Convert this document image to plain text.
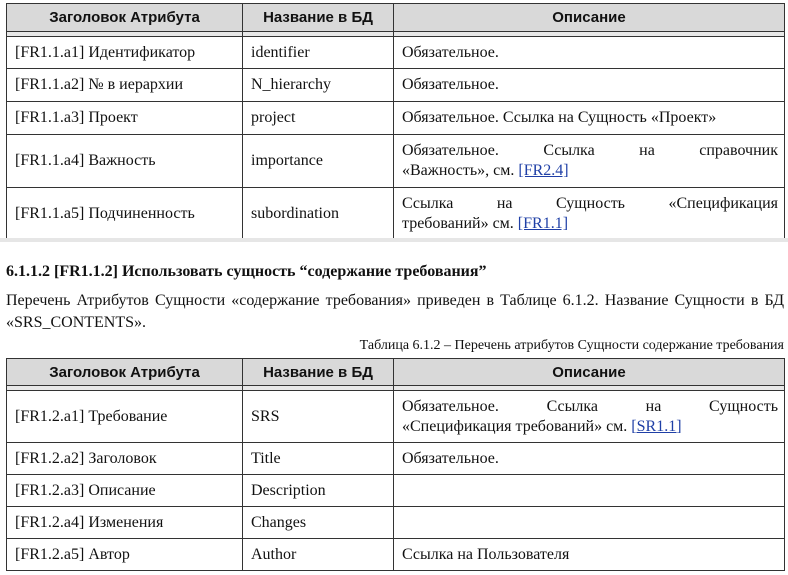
Заголовок Атрибута	Название в БД	Описание

[FR1.1.a1] Идентификатор	identifier	Обязательное.
[FR1.1.a2] № в иерархии	N_hierarchy	Обязательное.
[FR1.1.a3] Проект	project	Обязательное. Ссылка на Сущность «Проект»
[FR1.1.a4] Важность	importance	Обязательное. Ссылка на справочник
«Важность», см. [FR2.4]
[FR1.1.a5] Подчиненность	subordination	Ссылка на Сущность «Спецификация
требований» см. [FR1.1]
6.1.1.2 [FR1.1.2] Использовать сущность “содержание требования”
Перечень Атрибутов Сущности «содержание требования» приведен в Таблице 6.1.2. Название Сущности в БД «SRS_CONTENTS».
Таблица 6.1.2 – Перечень атрибутов Сущности содержание требования
Заголовок Атрибута	Название в БД	Описание

[FR1.2.a1] Требование	SRS	Обязательное. Ссылка на Сущность
«Спецификация требований» см. [SR1.1]
[FR1.2.a2] Заголовок	Title	Обязательное.
[FR1.2.a3] Описание	Description	
[FR1.2.a4] Изменения	Changes	
[FR1.2.a5] Автор	Author	Ссылка на Пользователя
